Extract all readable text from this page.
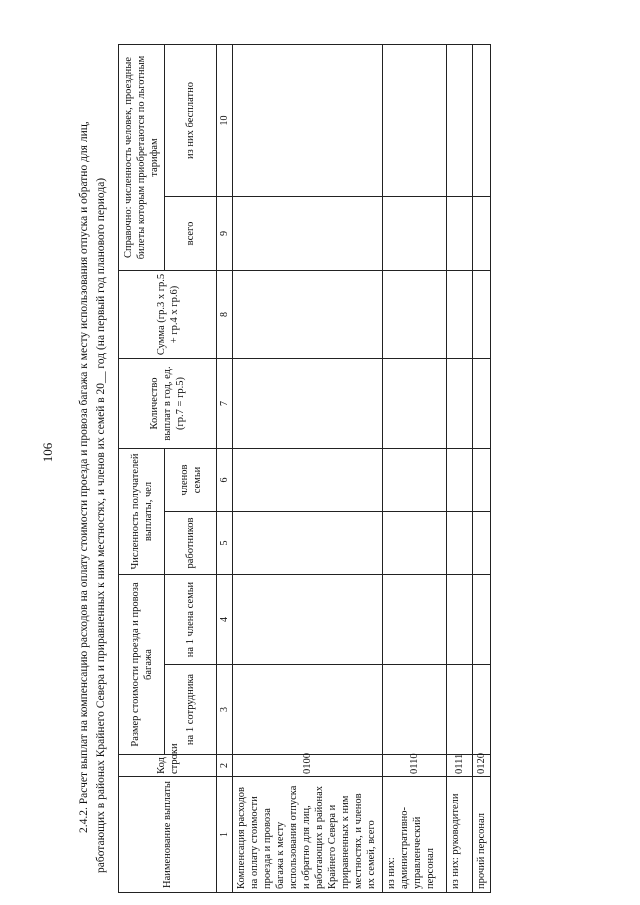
106 2.4.2. Расчет выплат на компенсацию расходов на оплату стоимости проезда и провоза багажа к месту использования отпуска и обратно для лиц, работающих в районах Крайнего Севера и приравненных к ним местностях, и членов их семей в 20__ год (на первый год планового периода)	Наименование выплаты	Код строки	Размер стоимости проезда и провоза багажа		Численность получателей выплаты, чел		Количество выплат в год, ед. (гр.7 = гр.5)	Сумма (гр.3 x гр.5 + гр.4 x гр.6)	Справочно: численность человек, проездные билеты которым приобретаются по льготным тарифам	
		на 1 сотрудника	на 1 члена семьи	работников	членов семьи			всего	из них бесплатно
1	2	3	4	5	6	7	8	9	10
Компенсация расходов на оплату стоимости проезда и провоза багажа к месту использования отпуска и обратно для лиц, работающих в районах Крайнего Севера и приравненных к ним местностях, и членов их семей, всего	0100								
из них: административно-управленческий персонал	0110								
из них: руководители	0111								
прочий персонал	0120								
